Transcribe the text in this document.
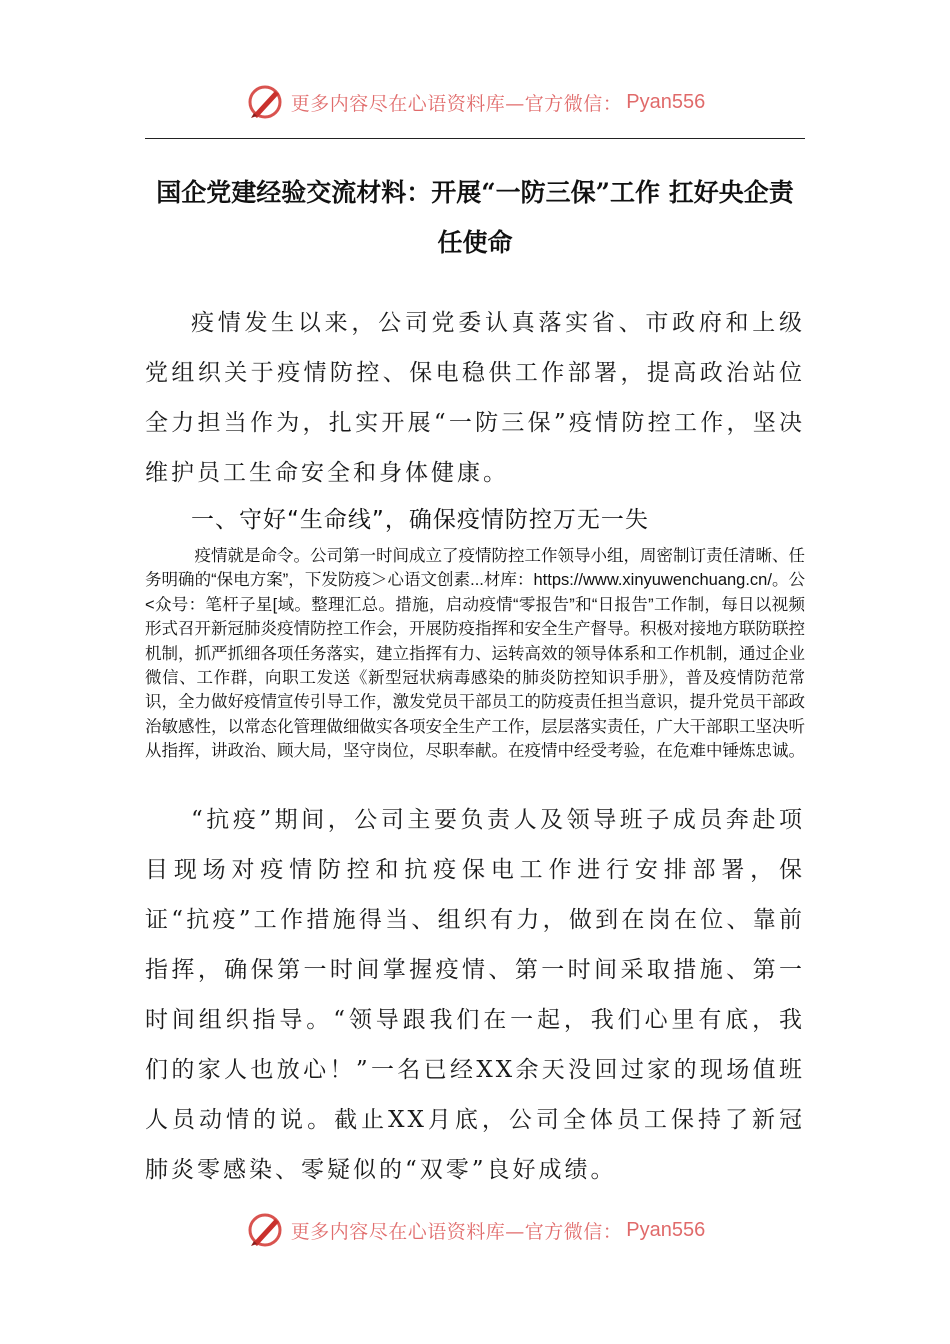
更多内容尽在心语资料库—官方微信： Pyan556
国企党建经验交流材料：开展“一防三保”工作 扛好央企责任使命

疫情发生以来，公司党委认真落实省、市政府和上级党组织关于疫情防控、保电稳供工作部署，提高政治站位全力担当作为，扎实开展“一防三保”疫情防控工作，坚决维护员工生命安全和身体健康。

一、守好“生命线”，确保疫情防控万无一失

疫情就是命令。公司第一时间成立了疫情防控工作领导小组，周密制订责任清晰、任务明确的“保电方案”，下发防疫＞心语文创素...材库：https://www.xinyuwenchuang.cn/。公<众号：笔杆子星[域。整理汇总。措施，启动疫情“零报告”和“日报告”工作制，每日以视频形式召开新冠肺炎疫情防控工作会，开展防疫指挥和安全生产督导。积极对接地方联防联控机制，抓严抓细各项任务落实，建立指挥有力、运转高效的领导体系和工作机制，通过企业微信、工作群，向职工发送《新型冠状病毒感染的肺炎防控知识手册》，普及疫情防范常识，全力做好疫情宣传引导工作，激发党员干部员工的防疫责任担当意识，提升党员干部政治敏感性，以常态化管理做细做实各项安全生产工作，层层落实责任，广大干部职工坚决听从指挥，讲政治、顾大局，坚守岗位，尽职奉献。在疫情中经受考验，在危难中锤炼忠诚。

“抗疫”期间，公司主要负责人及领导班子成员奔赴项目现场对疫情防控和抗疫保电工作进行安排部署，保证“抗疫”工作措施得当、组织有力，做到在岗在位、靠前指挥，确保第一时间掌握疫情、第一时间采取措施、第一时间组织指导。“领导跟我们在一起，我们心里有底，我们的家人也放心！”一名已经XX余天没回过家的现场值班人员动情的说。截止XX月底，公司全体员工保持了新冠肺炎零感染、零疑似的“双零”良好成绩。

更多内容尽在心语资料库—官方微信： Pyan556
